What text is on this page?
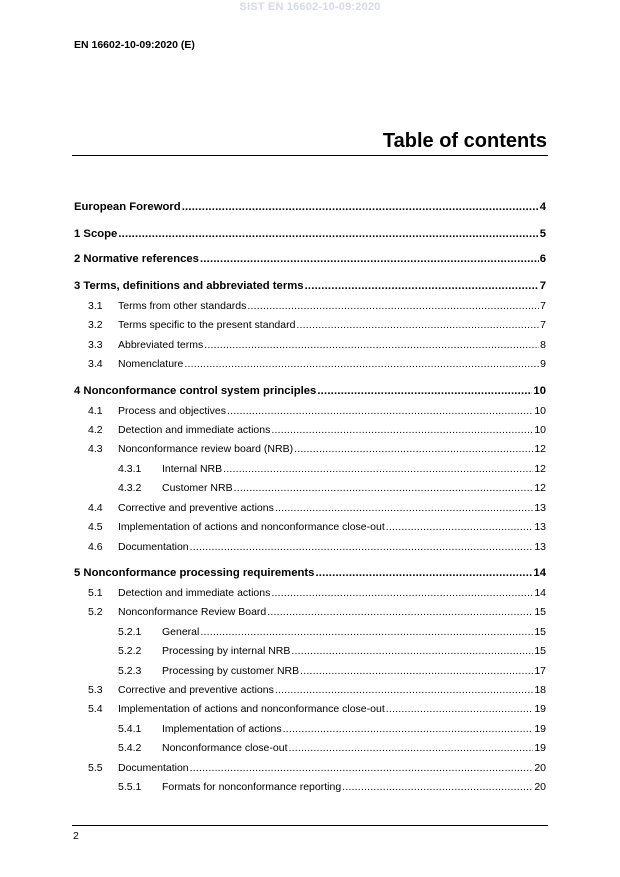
SIST EN 16602-10-09:2020
EN 16602-10-09:2020 (E)
Table of contents
European Foreword .....	4
1 Scope .....	5
2 Normative references .....	6
3 Terms, definitions and abbreviated terms .....	7
3.1	Terms from other standards .....	7
3.2	Terms specific to the present standard .....	7
3.3	Abbreviated terms .....	8
3.4	Nomenclature .....	9
4 Nonconformance control system principles .....	10
4.1	Process and objectives .....	10
4.2	Detection and immediate actions .....	10
4.3	Nonconformance review board (NRB) .....	12
4.3.1	Internal NRB .....	12
4.3.2	Customer NRB .....	12
4.4	Corrective and preventive actions .....	13
4.5	Implementation of actions and nonconformance close-out .....	13
4.6	Documentation .....	13
5 Nonconformance processing requirements .....	14
5.1	Detection and immediate actions .....	14
5.2	Nonconformance Review Board .....	15
5.2.1	General .....	15
5.2.2	Processing by internal NRB .....	15
5.2.3	Processing by customer NRB .....	17
5.3	Corrective and preventive actions .....	18
5.4	Implementation of actions and nonconformance close-out .....	19
5.4.1	Implementation of actions .....	19
5.4.2	Nonconformance close-out .....	19
5.5	Documentation .....	20
5.5.1	Formats for nonconformance reporting .....	20
2
